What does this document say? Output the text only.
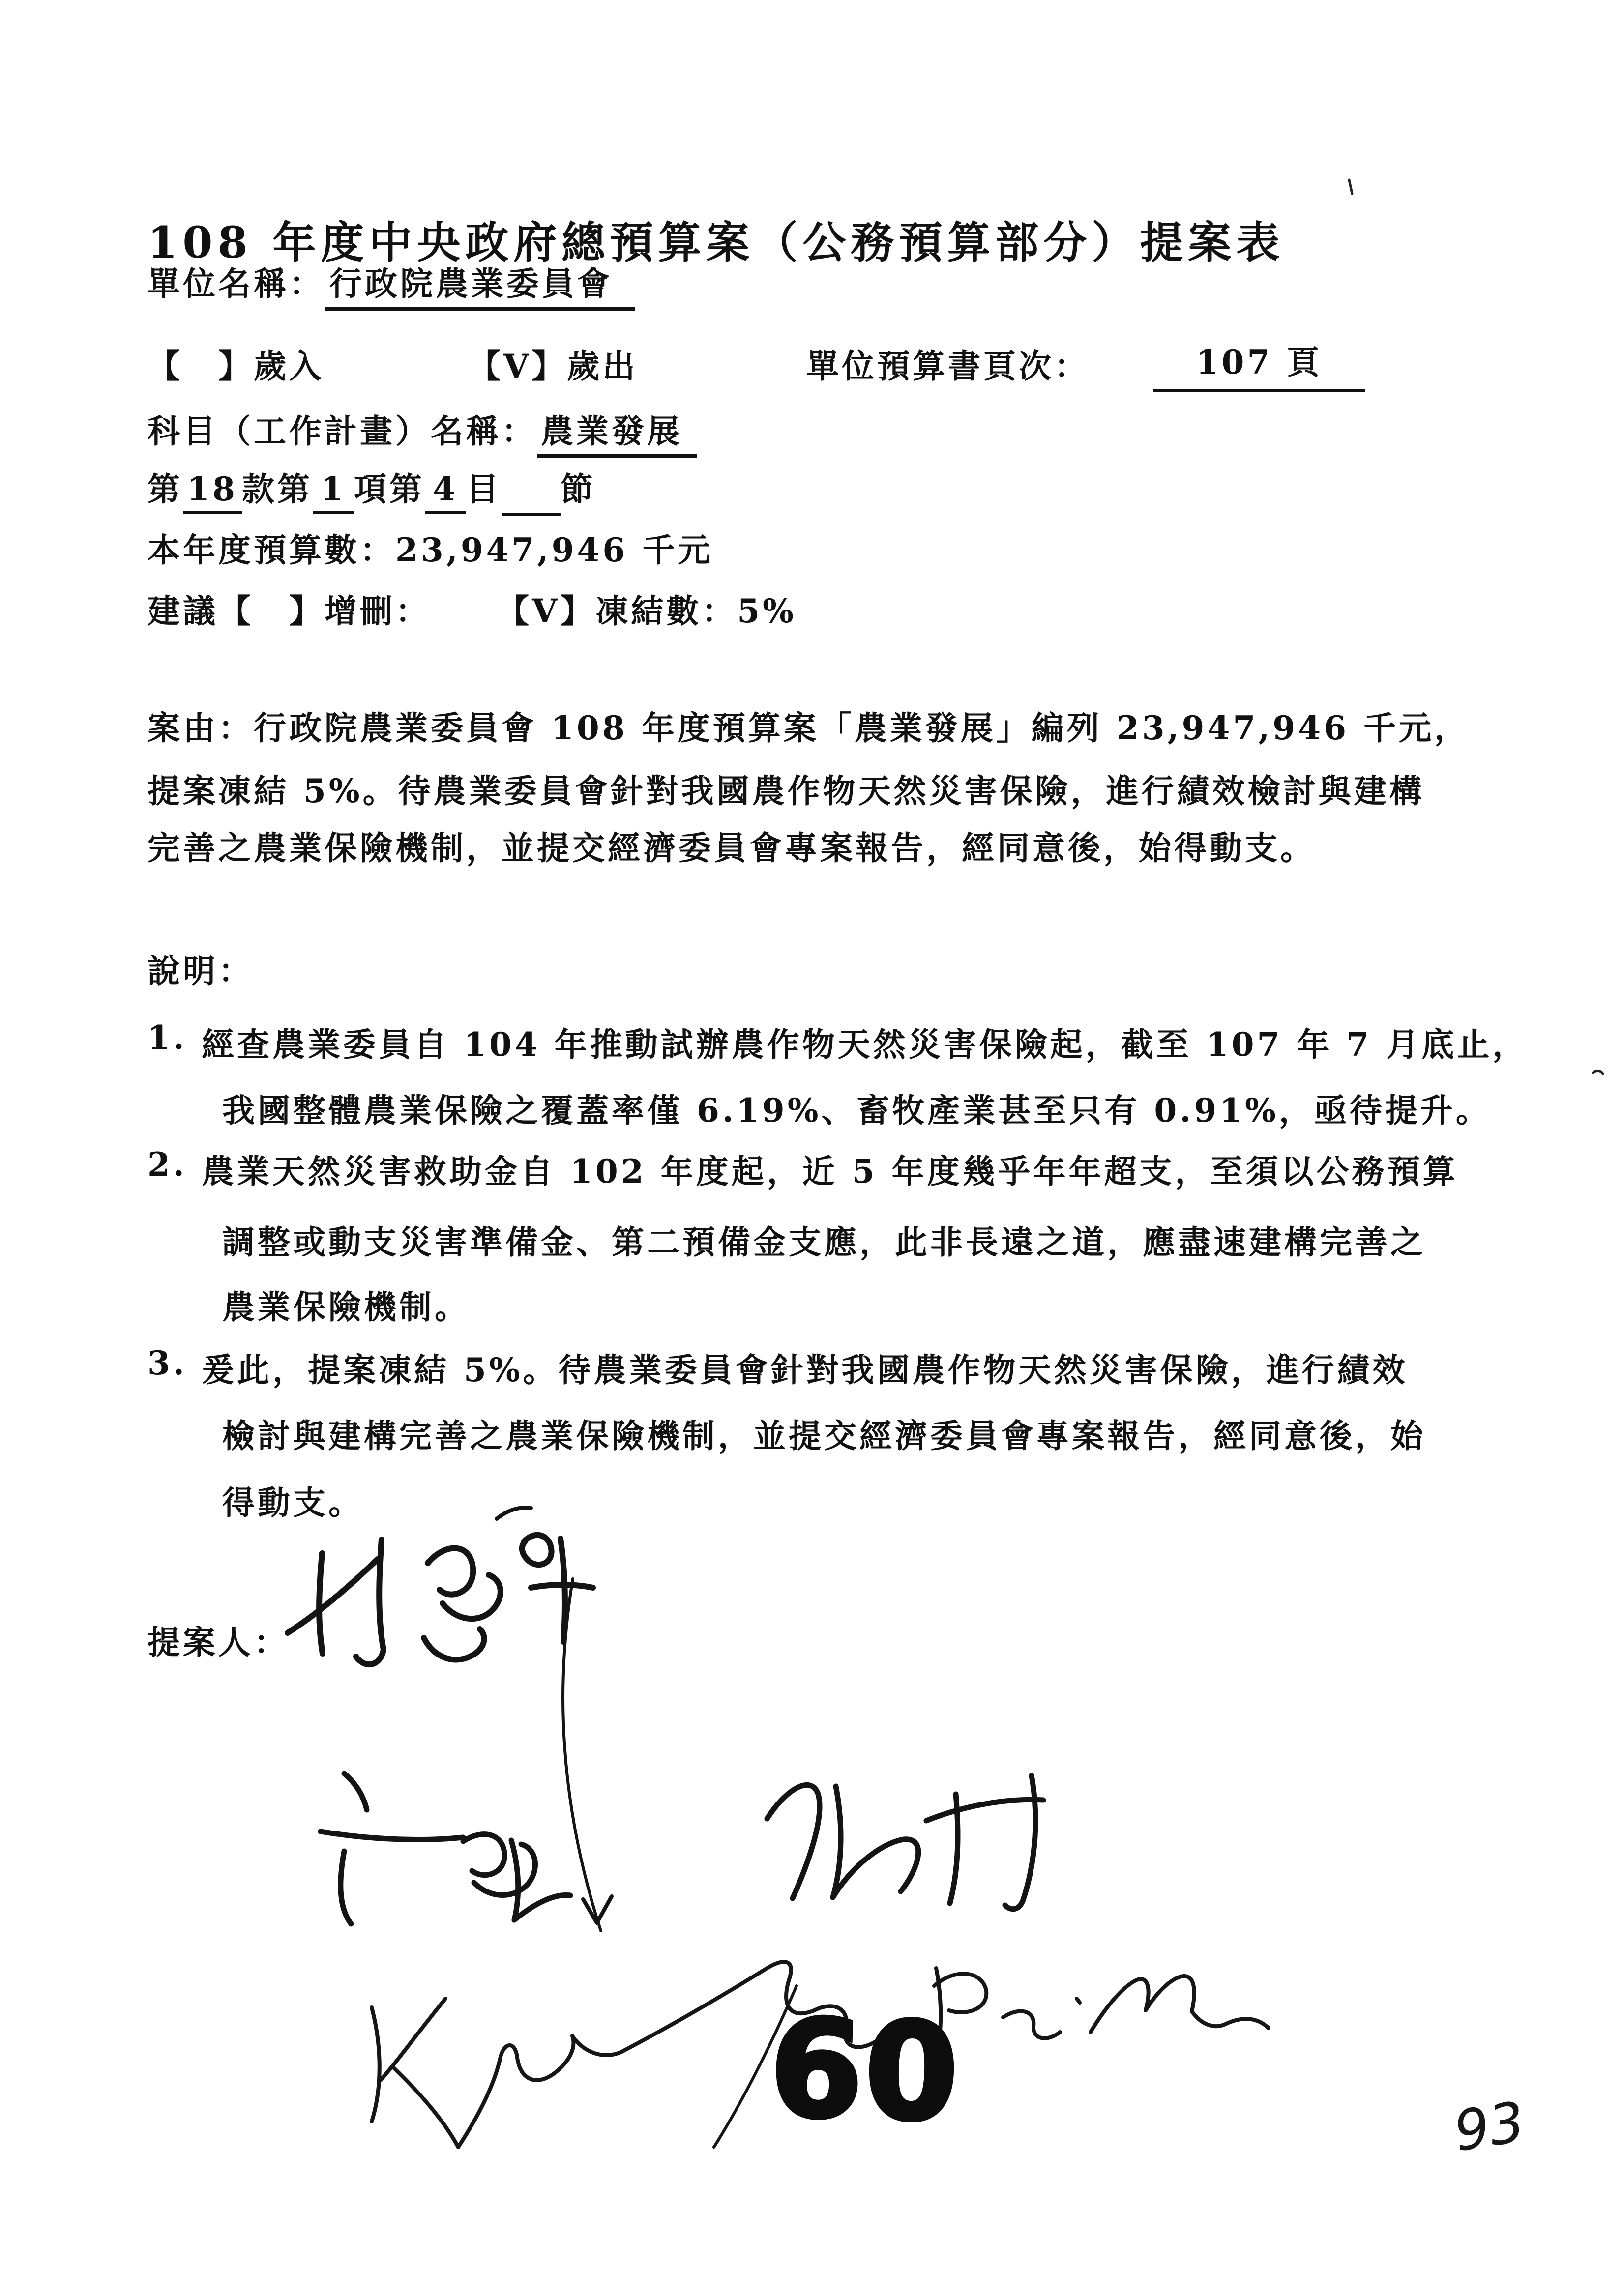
108 年度中央政府總預算案（公務預算部分）提案表
單位名稱： 行政院農業委員會
【　】歲入	【V】歲出	單位預算書頁次：	107 頁
科目（工作計畫）名稱： 農業發展
第 18 款第 1 項第 4 目　 節
本年度預算數：23,947,946 千元
建議【　】增刪： 【V】凍結數：5%
案由：行政院農業委員會 108 年度預算案「農業發展」編列 23,947,946 千元，
提案凍結 5%。待農業委員會針對我國農作物天然災害保險，進行績效檢討與建構
完善之農業保險機制，並提交經濟委員會專案報告，經同意後，始得動支。
說明：
1. 經查農業委員自 104 年推動試辦農作物天然災害保險起，截至 107 年 7 月底止，
我國整體農業保險之覆蓋率僅 6.19%、畜牧產業甚至只有 0.91%，亟待提升。
2. 農業天然災害救助金自 102 年度起，近 5 年度幾乎年年超支，至須以公務預算
調整或動支災害準備金、第二預備金支應，此非長遠之道，應盡速建構完善之
農業保險機制。
3. 爰此，提案凍結 5%。待農業委員會針對我國農作物天然災害保險，進行績效
檢討與建構完善之農業保險機制，並提交經濟委員會專案報告，經同意後，始
得動支。
提案人：
60	93
